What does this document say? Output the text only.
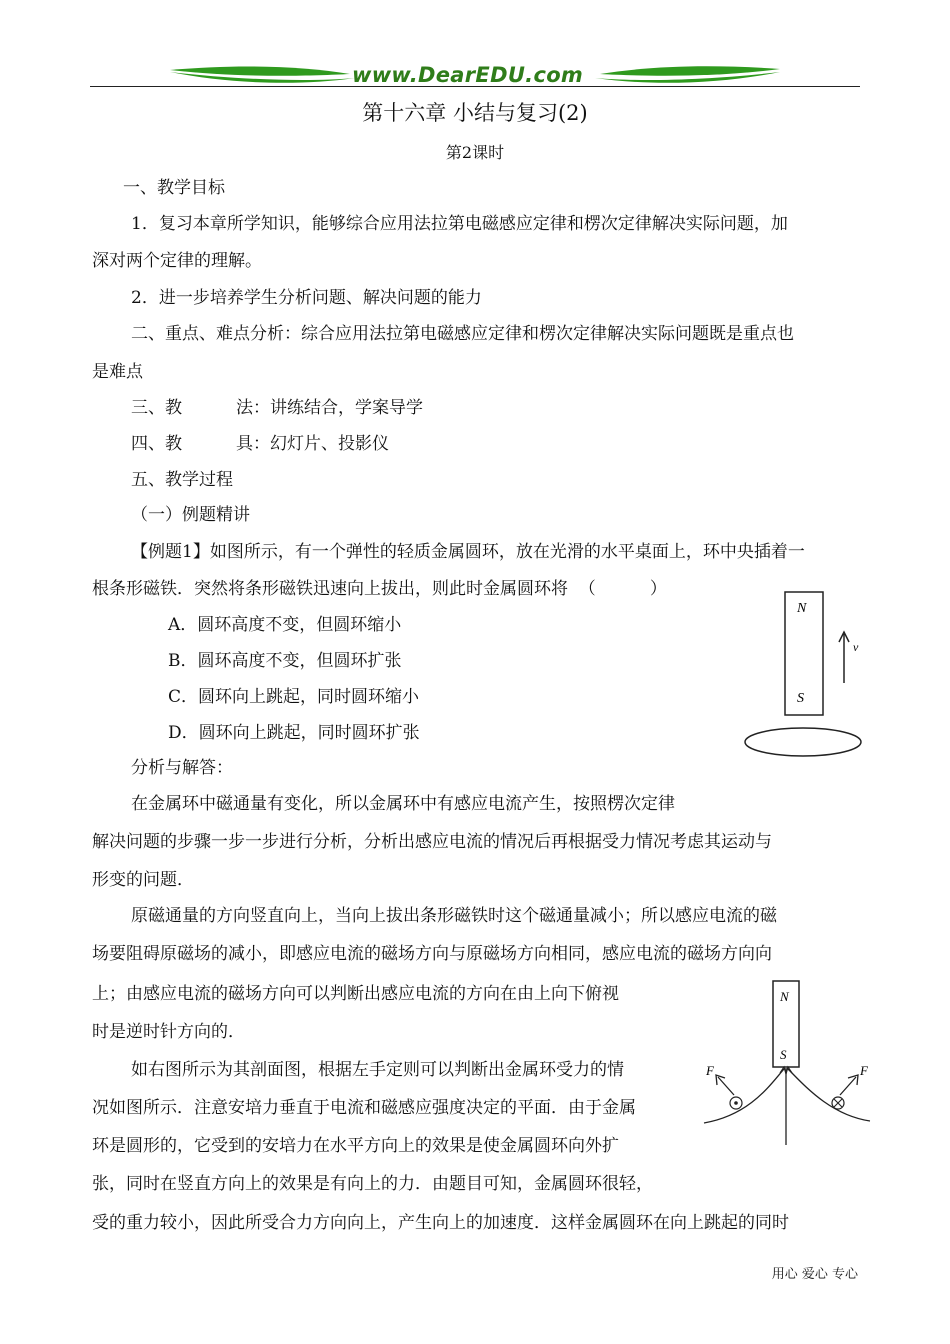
www.DearEDU.com
第十六章 小结与复习(2)
第2课时
一、教学目标
1．复习本章所学知识，能够综合应用法拉第电磁感应定律和楞次定律解决实际问题，加
深对两个定律的理解。
2．进一步培养学生分析问题、解决问题的能力
二、重点、难点分析：综合应用法拉第电磁感应定律和楞次定律解决实际问题既是重点也
是难点
三、教          法：讲练结合，学案导学
四、教          具：幻灯片、投影仪
五、教学过程
（一）例题精讲
【例题1】如图所示，有一个弹性的轻质金属圆环，放在光滑的水平桌面上，环中央插着一
根条形磁铁．突然将条形磁铁迅速向上拔出，则此时金属圆环将  （          ）
A．圆环高度不变，但圆环缩小
B．圆环高度不变，但圆环扩张
C．圆环向上跳起，同时圆环缩小
D．圆环向上跳起，同时圆环扩张
分析与解答：
在金属环中磁通量有变化，所以金属环中有感应电流产生，按照楞次定律
解决问题的步骤一步一步进行分析，分析出感应电流的情况后再根据受力情况考虑其运动与
形变的问题．
原磁通量的方向竖直向上，当向上拔出条形磁铁时这个磁通量减小；所以感应电流的磁
场要阻碍原磁场的减小，即感应电流的磁场方向与原磁场方向相同，感应电流的磁场方向向
上；由感应电流的磁场方向可以判断出感应电流的方向在由上向下俯视
时是逆时针方向的．
如右图所示为其剖面图，根据左手定则可以判断出金属环受力的情
况如图所示．注意安培力垂直于电流和磁感应强度决定的平面．由于金属
环是圆形的，它受到的安培力在水平方向上的效果是使金属圆环向外扩
张，同时在竖直方向上的效果是有向上的力．由题目可知，金属圆环很轻，
受的重力较小，因此所受合力方向向上，产生向上的加速度．这样金属圆环在向上跳起的同时
N
S
v
N
S
F	F
用心 爱心 专心
